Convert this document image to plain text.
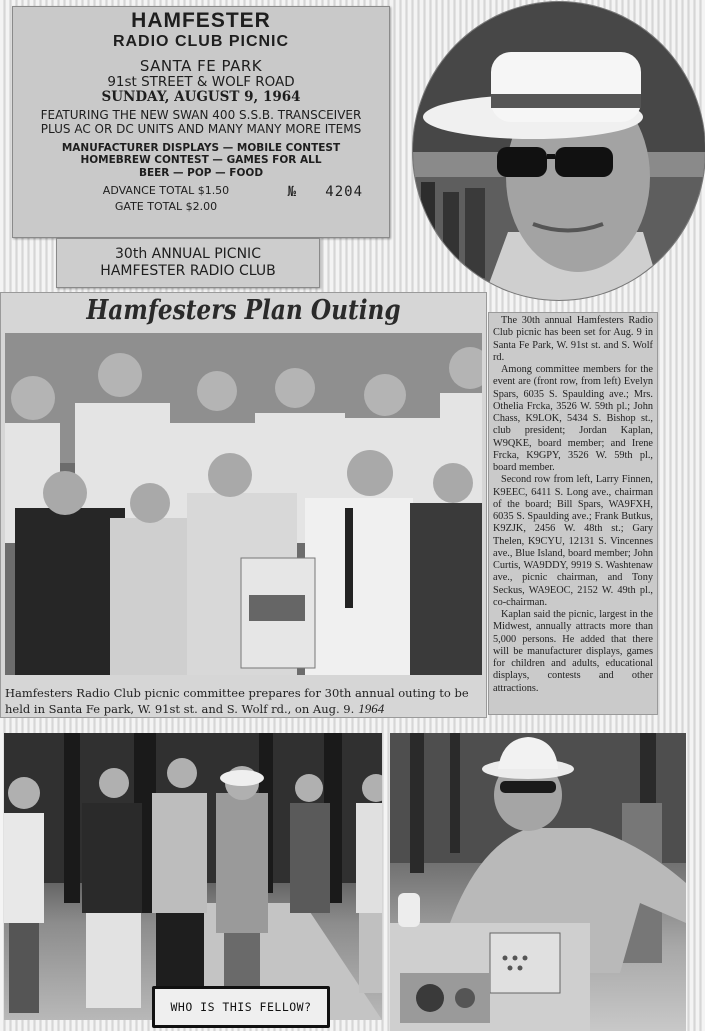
HAMFESTER
RADIO CLUB PICNIC
SANTA FE PARK
91st STREET & WOLF ROAD
SUNDAY, AUGUST 9, 1964
FEATURING THE NEW SWAN 400 S.S.B. TRANSCEIVER
PLUS AC OR DC UNITS AND MANY MANY MORE ITEMS
MANUFACTURER DISPLAYS — MOBILE CONTEST
HOMEBREW CONTEST — GAMES FOR ALL
BEER — POP — FOOD
ADVANCE TOTAL $1.50
GATE TOTAL $2.00
№ 4204
30th ANNUAL PICNIC
HAMFESTER RADIO CLUB
Hamfesters Plan Outing
Hamfesters Radio Club picnic committee prepares for 30th annual outing to be held in Santa Fe park, W. 91st st. and S. Wolf rd., on Aug. 9. 1964

The 30th annual Hamfesters Radio Club picnic has been set for Aug. 9 in Santa Fe Park, W. 91st st. and S. Wolf rd.

Among committee members for the event are (front row, from left) Evelyn Spars, 6035 S. Spaulding ave.; Mrs. Othelia Frcka, 3526 W. 59th pl.; John Chass, K9LOK, 5434 S. Bishop st., club president; Jordan Kaplan, W9QKE, board member; and Irene Frcka, K9GPY, 3526 W. 59th pl., board member.

Second row from left, Larry Finnen, K9EEC, 6411 S. Long ave., chairman of the board; Bill Spars, WA9FXH, 6035 S. Spaulding ave.; Frank Butkus, K9ZJK, 2456 W. 48th st.; Gary Thelen, K9CYU, 12131 S. Vincennes ave., Blue Island, board member; John Curtis, WA9DDY, 9919 S. Washtenaw ave., picnic chairman, and Tony Seckus, WA9EOC, 2152 W. 49th pl., co-chairman.

Kaplan said the picnic, largest in the Midwest, annually attracts more than 5,000 persons. He added that there will be manufacturer displays, games for children and adults, educational displays, contests and other attractions.

WHO IS THIS FELLOW?
